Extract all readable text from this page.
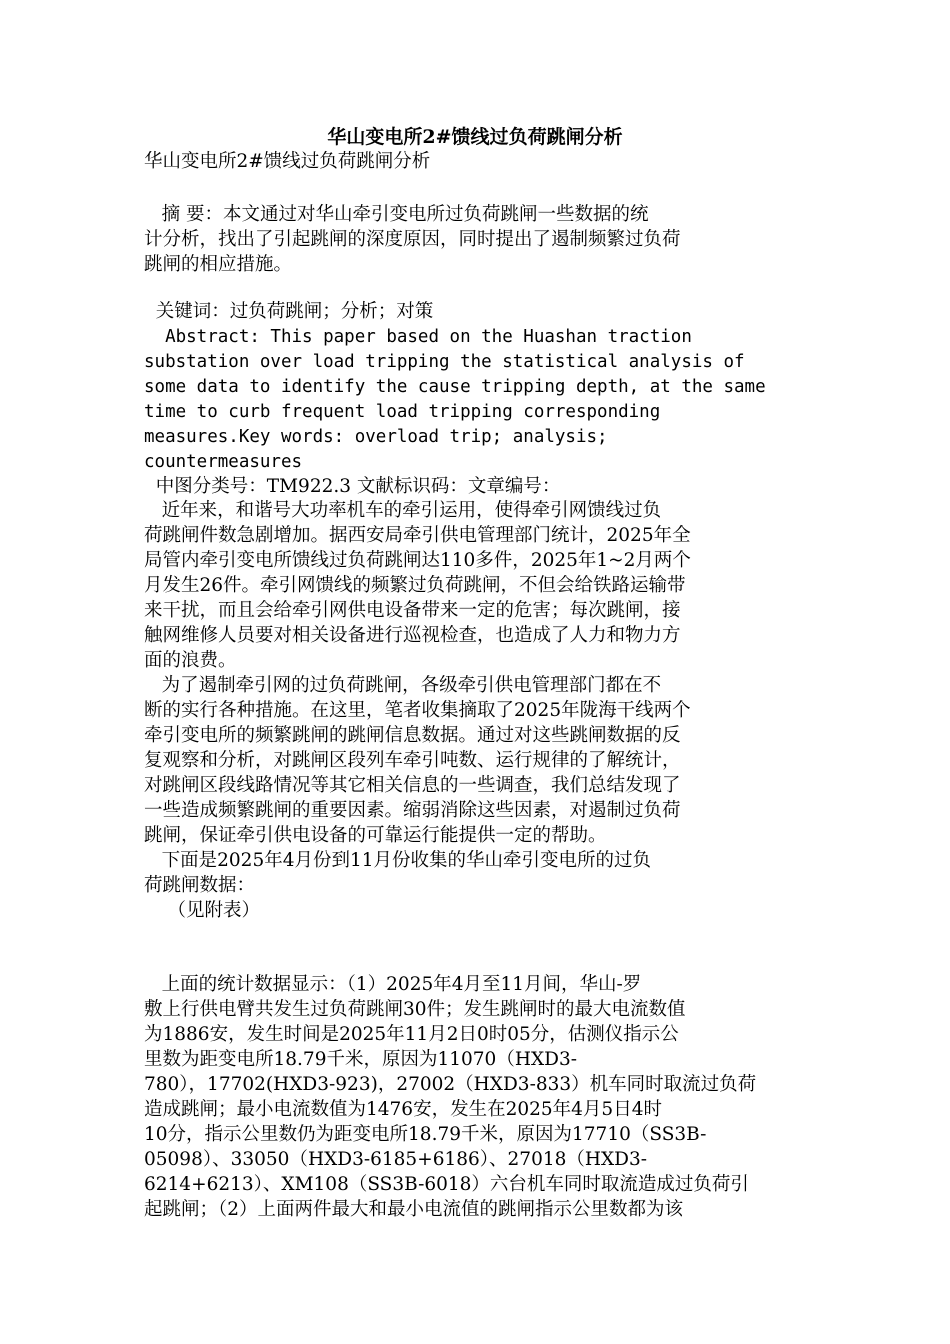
华山变电所2#馈线过负荷跳闸分析
华山变电所2#馈线过负荷跳闸分析
摘 要：本文通过对华山牵引变电所过负荷跳闸一些数据的统
计分析，找出了引起跳闸的深度原因，同时提出了遏制频繁过负荷
跳闸的相应措施。
关键词：过负荷跳闸；分析；对策
Abstract: This paper based on the Huashan traction
substation over load tripping the statistical analysis of
some data to identify the cause tripping depth, at the same
time to curb frequent load tripping corresponding
measures.Key words: overload trip; analysis;
countermeasures
中图分类号：TM922.3 文献标识码：文章编号：
近年来，和谐号大功率机车的牵引运用，使得牵引网馈线过负
荷跳闸件数急剧增加。据西安局牵引供电管理部门统计，2025年全
局管内牵引变电所馈线过负荷跳闸达110多件，2025年1~2月两个
月发生26件。牵引网馈线的频繁过负荷跳闸，不但会给铁路运输带
来干扰，而且会给牵引网供电设备带来一定的危害；每次跳闸，接
触网维修人员要对相关设备进行巡视检查，也造成了人力和物力方
面的浪费。
为了遏制牵引网的过负荷跳闸，各级牵引供电管理部门都在不
断的实行各种措施。在这里，笔者收集摘取了2025年陇海干线两个
牵引变电所的频繁跳闸的跳闸信息数据。通过对这些跳闸数据的反
复观察和分析，对跳闸区段列车牵引吨数、运行规律的了解统计，
对跳闸区段线路情况等其它相关信息的一些调查，我们总结发现了
一些造成频繁跳闸的重要因素。缩弱消除这些因素，对遏制过负荷
跳闸，保证牵引供电设备的可靠运行能提供一定的帮助。
下面是2025年4月份到11月份收集的华山牵引变电所的过负
荷跳闸数据：
（见附表）
上面的统计数据显示：（1）2025年4月至11月间，华山-罗
敷上行供电臂共发生过负荷跳闸30件；发生跳闸时的最大电流数值
为1886安，发生时间是2025年11月2日0时05分，估测仪指示公
里数为距变电所18.79千米，原因为11070（HXD3-
780），17702(HXD3-923)，27002（HXD3-833）机车同时取流过负荷
造成跳闸；最小电流数值为1476安，发生在2025年4月5日4时
10分，指示公里数仍为距变电所18.79千米，原因为17710（SS3B-
05098）、33050（HXD3-6185+6186）、27018（HXD3-
6214+6213）、XM108（SS3B-6018）六台机车同时取流造成过负荷引
起跳闸；（2）上面两件最大和最小电流值的跳闸指示公里数都为该
